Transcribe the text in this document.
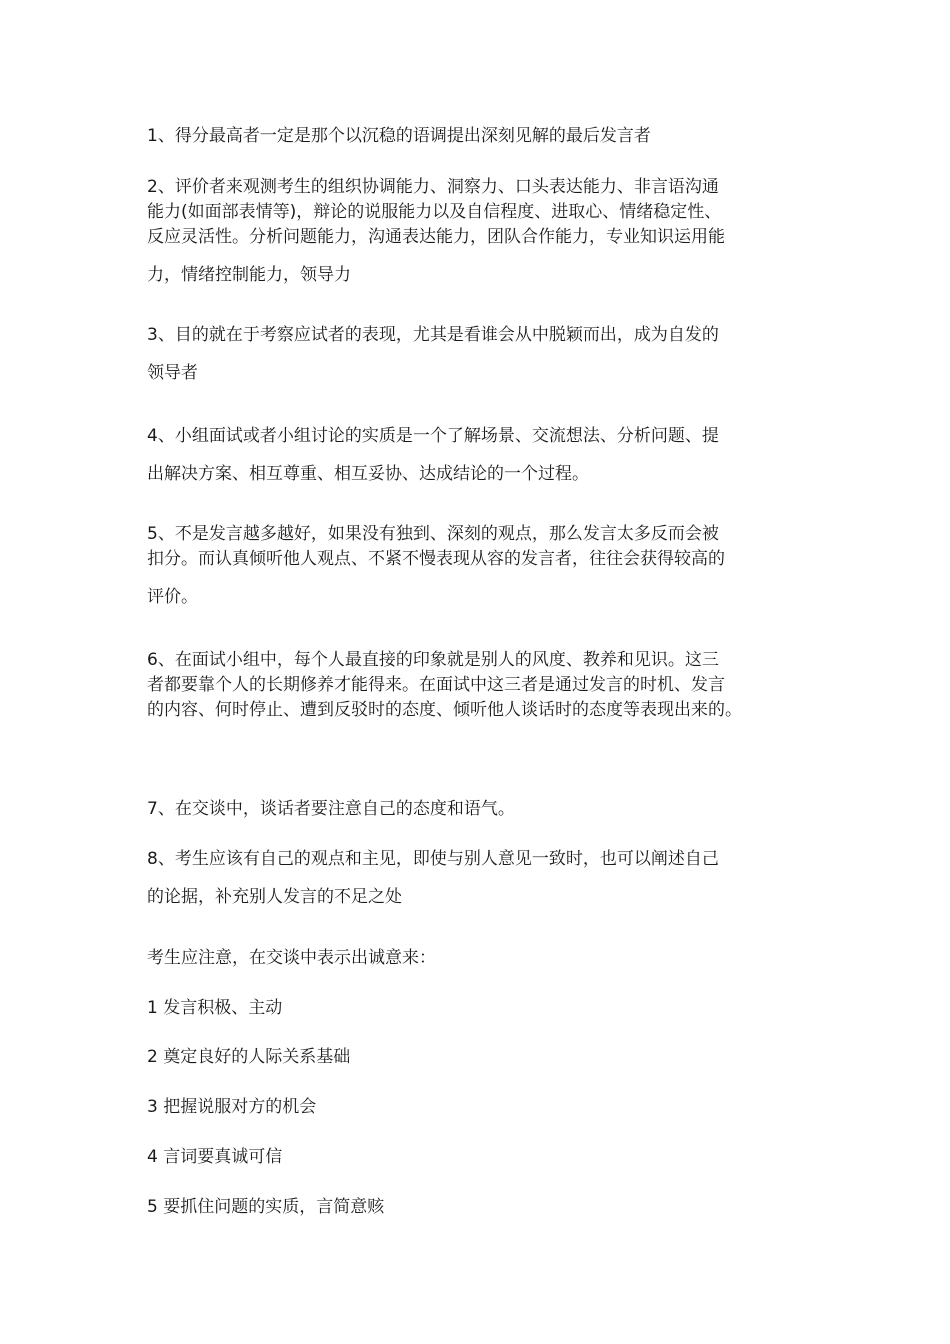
1、得分最高者一定是那个以沉稳的语调提出深刻见解的最后发言者

2、评价者来观测考生的组织协调能力、洞察力、口头表达能力、非言语沟通
能力(如面部表情等)，辩论的说服能力以及自信程度、进取心、情绪稳定性、
反应灵活性。分析问题能力，沟通表达能力，团队合作能力，专业知识运用能
力，情绪控制能力，领导力

3、目的就在于考察应试者的表现，尤其是看谁会从中脱颖而出，成为自发的
领导者

4、小组面试或者小组讨论的实质是一个了解场景、交流想法、分析问题、提
出解决方案、相互尊重、相互妥协、达成结论的一个过程。

5、不是发言越多越好，如果没有独到、深刻的观点，那么发言太多反而会被
扣分。而认真倾听他人观点、不紧不慢表现从容的发言者，往往会获得较高的
评价。

6、在面试小组中，每个人最直接的印象就是别人的风度、教养和见识。这三
者都要靠个人的长期修养才能得来。在面试中这三者是通过发言的时机、发言
的内容、何时停止、遭到反驳时的态度、倾听他人谈话时的态度等表现出来的。

7、在交谈中，谈话者要注意自己的态度和语气。

8、考生应该有自己的观点和主见，即使与别人意见一致时，也可以阐述自己
的论据，补充别人发言的不足之处

考生应注意，在交谈中表示出诚意来：

1 发言积极、主动

2 奠定良好的人际关系基础

3 把握说服对方的机会

4 言词要真诚可信

5 要抓住问题的实质，言简意赅
